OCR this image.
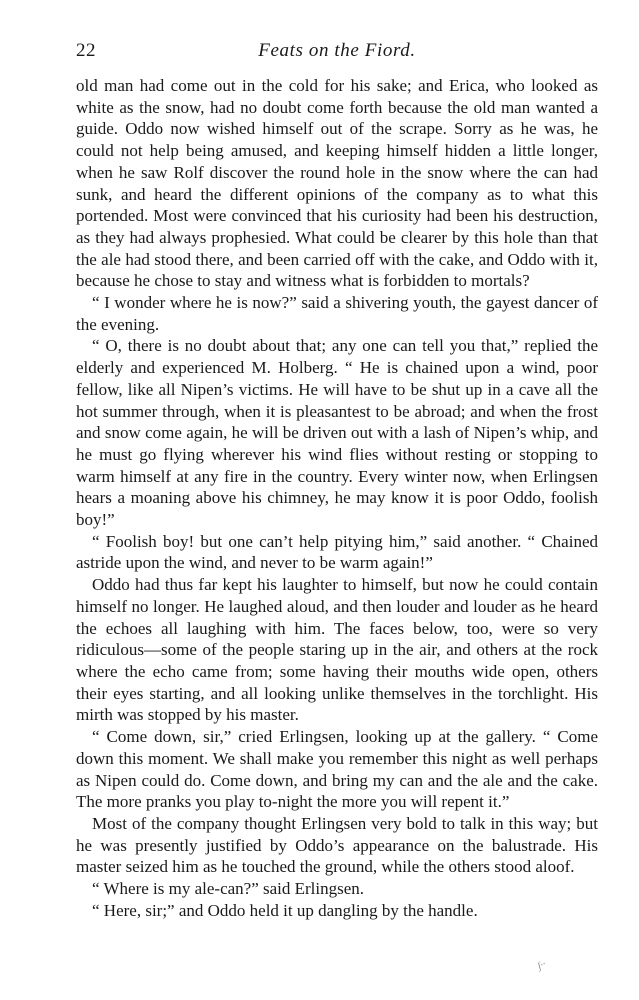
22	Feats on the Fiord.

old man had come out in the cold for his sake; and Erica, who looked as white as the snow, had no doubt come forth because the old man wanted a guide. Oddo now wished himself out of the scrape. Sorry as he was, he could not help being amused, and keeping himself hidden a little longer, when he saw Rolf discover the round hole in the snow where the can had sunk, and heard the different opinions of the company as to what this portended. Most were convinced that his curiosity had been his destruction, as they had always prophesied. What could be clearer by this hole than that the ale had stood there, and been carried off with the cake, and Oddo with it, because he chose to stay and witness what is forbidden to mortals?

“ I wonder where he is now?” said a shivering youth, the gayest dancer of the evening.

“ O, there is no doubt about that; any one can tell you that,” replied the elderly and experienced M. Holberg. “ He is chained upon a wind, poor fellow, like all Nipen’s victims. He will have to be shut up in a cave all the hot summer through, when it is pleasantest to be abroad; and when the frost and snow come again, he will be driven out with a lash of Nipen’s whip, and he must go flying wherever his wind flies without resting or stopping to warm himself at any fire in the country. Every winter now, when Erlingsen hears a moaning above his chimney, he may know it is poor Oddo, foolish boy!”

“ Foolish boy! but one can’t help pitying him,” said another. “ Chained astride upon the wind, and never to be warm again!”

Oddo had thus far kept his laughter to himself, but now he could contain himself no longer. He laughed aloud, and then louder and louder as he heard the echoes all laughing with him. The faces below, too, were so very ridiculous—some of the people staring up in the air, and others at the rock where the echo came from; some having their mouths wide open, others their eyes starting, and all looking unlike themselves in the torchlight. His mirth was stopped by his master.

“ Come down, sir,” cried Erlingsen, looking up at the gallery. “ Come down this moment. We shall make you remember this night as well perhaps as Nipen could do. Come down, and bring my can and the ale and the cake. The more pranks you play to-night the more you will repent it.”

Most of the company thought Erlingsen very bold to talk in this way; but he was presently justified by Oddo’s appearance on the balustrade. His master seized him as he touched the ground, while the others stood aloof.

“ Where is my ale-can?” said Erlingsen.

“ Here, sir;” and Oddo held it up dangling by the handle.

ʃ··
